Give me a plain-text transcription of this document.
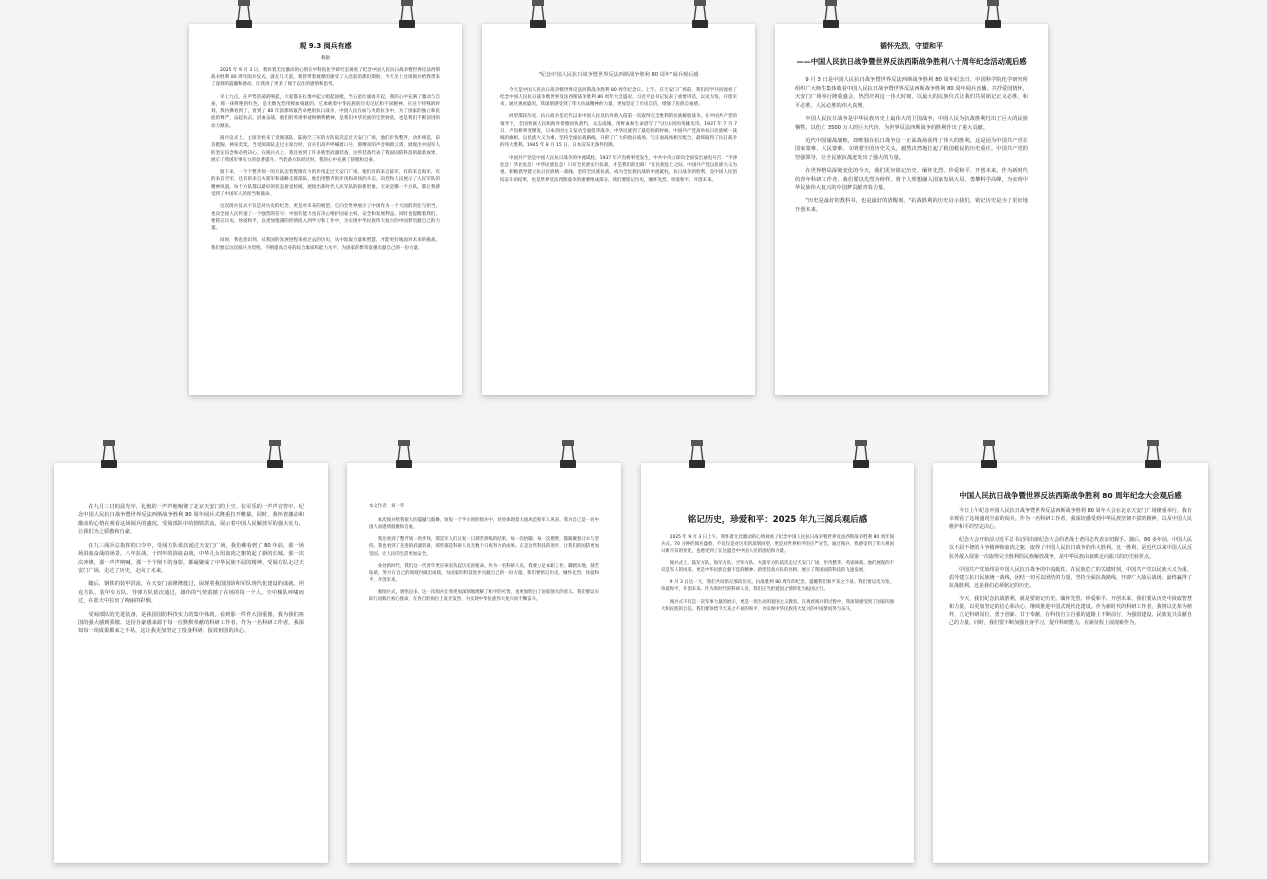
观 9.3 阅兵有感
赖敏

2025 年 9 月 3 日，我怀着无比激动的心情在中科院化学研究室观看了纪念中国人民抗日战争暨世界反法西斯战争胜利 80 周年阅兵仪式。就在几天前，我曾带着观摩的感受了入党前的那份期盼，今天早上这场阅兵给我带来了深刻的震撼和感动，让我再了更多了阅于以往的感情和思考。

早上九点，在声势浩荡的响起，大家都在扎堆中起立唱起国歌，当五星红旗再升起，我的心中充满了激动与自豪，那一抹鲜艳的红色，是无数先烈用鲜血染就的。它承载着中华民族的历史记忆和不屈精神，在这个特殊的时刻，我仿佛看到了，看到了 80 年前那场艰苦卓绝的抗日战争，中国人民在血与火的抗争中，为了国家的独立和民族的尊严，奋起抗击，浴血奋战，他们的英勇事迹和牺牲精神，是我们中华民族的宝贵财富，也是我们不断前进的动力源泉。

阅兵仪式上，主席亲检来了受阅部队，陆海空三军的方阵依次走过天安门广场，他们步伐整齐，动作规范，昂首挺胸，神采奕奕。当受阅部队走过主席台时，官兵们高声呼喊着口号，那嘹亮的声音响彻云霄，展现出中国军人的坚定信念和必胜决心。在阅兵式上，我还看到了许多新型武器装备，这些装备代表了我国国防科技的最新成果，展示了我国军事实力的显著提升。当装备方队经过时，我的心中充满了骄傲和自豪。

接下来，一个个整齐划一的方队迈着铿锵有力的步伐走过天安门广场，他们有的来自陆军，有的来自海军，有的来自空军，还有的来自火箭军和战略支援部队。他们用整齐的步伐和昂扬的斗志，向党和人民展示了人民军队的精神风貌。每个方队都以最好的状态接受检阅，展现出新时代人民军队的崭新形象。无论是哪一个方队，都让我感受到了中国军人的担当和使命。

这次阅兵仪式不仅是对历史的纪念，更是对未来的展望。它向全世界展示了中国作为一个大国的责任与担当，也向全国人民传递了一个强烈的信号：中国有能力也有决心维护国家主权、安全和发展利益。同时也提醒着我们，要铭记历史、珍爱和平，以更加饱满的热情投入到学习和工作中，为实现中华民族伟大复兴的中国梦贡献自己的力量。

同时，我也意识到，从我国的发展进程来看过去的历史，从中汲取力量和智慧，才能更好地面对未来的挑战。我们要以这次阅兵为契机，不断提高自身的综合素质和能力水平，为国家的繁荣富强贡献自己的一份力量。

"纪念中国人民抗日战争暨世界反法西斯战争胜利 80 周年"阅兵观后感

今天是中国人民抗日战争暨世界反法西斯战争胜利 80 周年纪念日。上午，在天安门广场前，我们同学共同观看了纪念中国人民抗日战争暨世界反法西斯战争胜利 80 周年大会盛况。习近平总书记发表了重要讲话，以史为鉴，开创未来，通过观看盛况，我深刻感受到了伟大抗战精神的力量，更加坚定了历史自信，增强了民族自豪感。

回望那段历史，抗日战争是近代以来中国人民反抗外敌入侵第一次取得完全胜利的民族解放战争。在中国共产党的领导下，全国各族人民和海外侨胞同仇敌忾，众志成城，用鲜血和生命谱写了气壮山河的英雄史诗。1937 年 7 月 7 日，卢沟桥事变爆发，日本帝国主义发动全面侵华战争，中华民族到了最危险的时候。中国共产党高举抗日民族统一战线的旗帜，以民族大义为重，坚持全面抗战路线，开辟了广大的敌后战场，与正面战场相互配合，最终取得了抗日战争的伟大胜利。1945 年 8 月 15 日，日本宣布无条件投降。

中国共产党是中国人民抗日战争的中流砥柱。1937 年卢沟桥事变发生，中共中央立即向全国发出通电号召："平津危急！华北危急！中华民族危急！只有全民族实行抗战，才是我们的出路！"在民族危亡之际，中国共产党以民族大义为重，积极倡导建立抗日民族统一战线，坚持全民族抗战，成为全民族抗战的中流砥柱。抗日战争的胜利，是中国人民团结奋斗的结果，也是世界反法西斯战争的重要组成部分。我们要铭记历史，缅怀先烈，珍爱和平，开创未来。

循怀先烈，守望和平
——中国人民抗日战争暨世界反法西斯战争胜利八十周年纪念活动观后感

9 月 3 日是中国人民抗日战争暨世界反法西斯战争胜利 80 周年纪念日，中国科学院化学研究所组织广大师生集体收看中国人民抗日战争暨世界反法西斯战争胜利 80 周年阅兵直播。共抒爱国情怀，天安门广场举行隆重盛会，热烈庆祝这一伟大时刻，以最大的民族仪式让我们共同铭记正义必胜、和平必胜、人民必胜的伟大真理。

中国人民抗日战争是中华民族历史上最伟大的卫国战争，中国人民为抗战胜利付出了巨大的民族牺牲。以伤亡 3500 万人的巨大代价，为世界反法西斯战争的胜利作出了重大贡献。

近代中国屡战屡败，却唯独在抗日战争这一正面战场获得了伟大的胜利，这是因为中国共产党在国家蒙难、人民蒙难、文明蒙尘的历史关头，毅然决然地扛起了救国救民的历史重任。中国共产党的坚强领导，让全民族抗战迸发出了强大的力量。

在世界格局深刻变化的今天，我们更应铭记历史、缅怀先烈、珍爱和平、开创未来。作为新时代的青年科研工作者，我们要以先烈为榜样，将个人理想融入国家发展大局，勇攀科学高峰，为实现中华民族伟大复兴的中国梦贡献青春力量。

"历史是最好的教科书，也是最好的清醒剂。"抗战胜利的历史启示我们，铭记历史是为了更好地开创未来。

在九月三日的晨光中，礼炮的一声声地响彻了北京天安门的上空。在军乐的一声声音符中，纪念中国人民抗日战争暨世界反法西斯战争胜利 80 周年阅兵式隆重拉开帷幕。同时，我怀着激动和激动的心情在观看这场阅兵的盛况。受阅部队中的钢铁洪流，展示着中国人民解放军的强大实力，让我们为之骄傲和自豪。

在九三阅兵总指挥的口令中，受阅方队依次通过天安门广场。我仿佛看到了 80 年前，那一场场浴血奋战的场景。八年抗战，十四年的浴血奋战，中华儿女用血肉之躯筑起了新的长城。那一次次冲锋，那一声声呐喊，那一个个倒下的身影，都凝聚成了中华民族不屈的精神。受阅方队走过天安门广场，走过了历史，走向了未来。

随后，钢铁的装甲洪流，在天安门前隆隆驶过，展现着我国国防和军队现代化建设的成就。坦克方队、装甲车方队、导弹方队依次通过，雄伟的气势震撼了在场的每一个人。空中梯队呼啸而过，在蓝天中拉出了绚丽的彩烟。

受阅部队的先进装备，是我国国防科技实力的集中体现。看到那一件件大国重器，我为我们祖国的强大感到骄傲。这份自豪感来源于每一位默默奉献的科研工作者。作为一名科研工作者，我深知每一项成果都来之不易，这让我更加坚定了投身科研、报效祖国的决心。

本文作者：刘一华

本次阅兵给我很大的震撼与鼓舞，短短一个半小时的阅兵中，处处体现着大国风范和军人风采，我为自己是一名中国人而感到骄傲和自豪。

我还看到了整齐划一的步伐，那是军人们日复一日刻苦训练的结果。每一次抬脚、每一次摆臂，都凝聚着汗水与坚持。我也看到了先进的武器装备，那些都是科研人员无数个日夜努力的成果。正是这些科技的进步，让我们的国防更加坚固，让人民的生活更加安全。

身处新时代，我们这一代青年更应该肩负起历史的使命。作为一名科研人员，我要立足本职工作，脚踏实地，刻苦钻研，努力在自己的领域内做出成绩，为国家的科技进步贡献自己的一份力量。我们要铭记历史，缅怀先烈，珍爱和平，开创未来。

观阅兵式，感悟良多。这一次阅兵让我更加深刻地理解了和平的可贵，也更加明白了国家强大的意义。我们要以实际行动践行初心使命，在各自的岗位上发光发热，为实现中华民族伟大复兴而不懈奋斗。

铭记历史，珍爱和平：2025 年九三阅兵观后感

2025 年 9 月 3 日上午，我怀着无比激动的心情观看了纪念中国人民抗日战争暨世界反法西斯战争胜利 80 周年阅兵式。70 分钟的阅兵盛典，不仅仅是对历史的深刻回望，更是对世界和平的庄严宣告。通过阅兵，我感受到了伟大祖国日新月异的变化，也感受到了在这盛会中中国人民的团结和力量。

阅兵式上，陆军方队、海军方队、空军方队、火箭军方队依次走过天安门广场，步伐整齐，英姿飒爽。他们展现的不仅是军人的风采，更是中华民族自强不息的精神。新型装备方队的亮相，展示了我国国防科技的飞速发展。

9 月 3 日这一天，我们共同铭记那段历史。抗战胜利 80 周年的纪念，提醒我们和平来之不易。我们要以史为鉴，珍爱和平，开创未来。作为新时代的科研人员，我们应当把爱国之情转化为报国之行。

阅兵式不仅是一次军事力量的展示，更是一场生动的爱国主义教育。在观看阅兵的过程中，我深刻感受到了国家的强大和民族的自信。我们要珍惜今天来之不易的和平，为实现中华民族伟大复兴的中国梦而努力奋斗。

中国人民抗日战争暨世界反法西斯战争胜利 80 周年纪念大会观后感

今日上午纪念中国人民抗日战争暨世界反法西斯战争胜利 80 周年大会在北京天安门广场隆重举行，我有幸观看了这场盛况空前的阅兵。作为一名科研工作者，我深切感受到中华民族坚韧不拔的精神，以及中国人民维护和平的坚定决心。

纪念大会开始前习近平总书记同出席纪念大会的老战士老同志代表亲切握手。随后，80 多年前，中国人民以不屈不挠的斗争精神和血肉之躯，取得了中国人民抗日战争的伟大胜利。这一胜利，是近代以来中国人民反抗外敌入侵第一次取得完全胜利的民族解放战争，是中华民族由衰败走向振兴的历史转折点。

中国共产党始终是中国人民抗日战争的中流砥柱。在民族危亡的关键时刻，中国共产党以民族大义为重，倡导建立抗日民族统一战线，团结一切可以团结的力量，坚持全面抗战路线，开辟广大敌后战场，最终赢得了抗战胜利。这是我们必须铭记的历史。

今天，我们纪念抗战胜利，就是要铭记历史、缅怀先烈、珍爱和平、开创未来。我们要从历史中汲取智慧和力量，以更加坚定的信心和决心，继续推进中国式现代化建设。作为新时代的科研工作者，我将以先辈为榜样，立足科研岗位，勇于创新、甘于奉献，在科技自立自强的道路上不断前行，为强国建设、民族复兴贡献自己的力量。同时，我们要不断加强自身学习，提升科研能力，在新征程上展现新作为。
